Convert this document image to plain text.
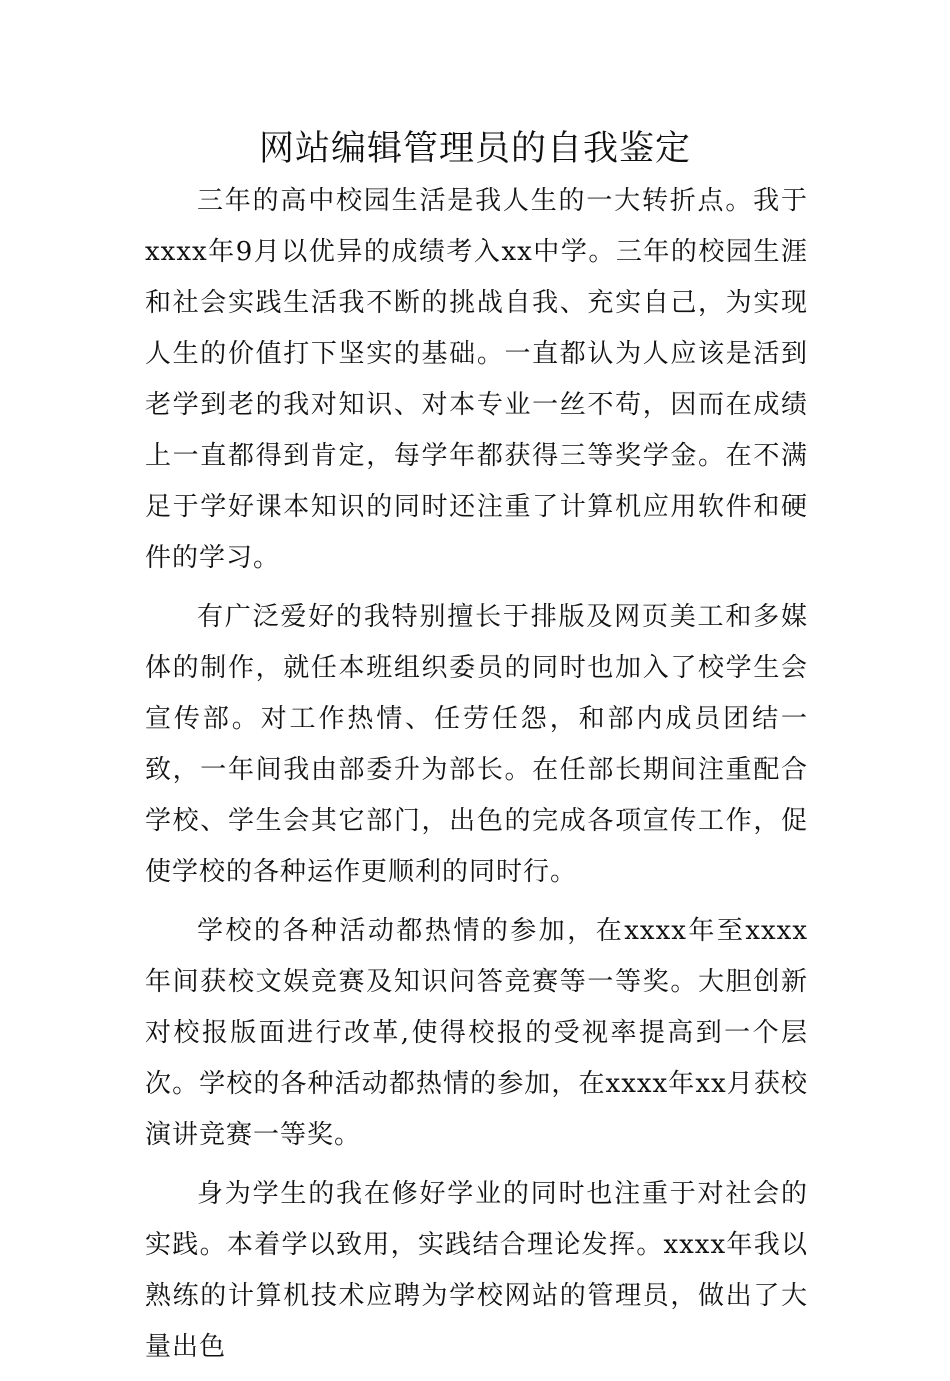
网站编辑管理员的自我鉴定

三年的高中校园生活是我人生的一大转折点。我于xxxx年9月以优异的成绩考入xx中学。三年的校园生涯和社会实践生活我不断的挑战自我、充实自己，为实现人生的价值打下坚实的基础。一直都认为人应该是活到老学到老的我对知识、对本专业一丝不苟，因而在成绩上一直都得到肯定，每学年都获得三等奖学金。在不满足于学好课本知识的同时还注重了计算机应用软件和硬件的学习。

有广泛爱好的我特别擅长于排版及网页美工和多媒体的制作，就任本班组织委员的同时也加入了校学生会宣传部。对工作热情、任劳任怨，和部内成员团结一致，一年间我由部委升为部长。在任部长期间注重配合学校、学生会其它部门，出色的完成各项宣传工作，促使学校的各种运作更顺利的同时行。

学校的各种活动都热情的参加，在xxxx年至xxxx年间获校文娱竞赛及知识问答竞赛等一等奖。大胆创新对校报版面进行改革,使得校报的受视率提高到一个层次。学校的各种活动都热情的参加，在xxxx年xx月获校演讲竞赛一等奖。

身为学生的我在修好学业的同时也注重于对社会的实践。本着学以致用，实践结合理论发挥。xxxx年我以熟练的计算机技术应聘为学校网站的管理员，做出了大量出色
